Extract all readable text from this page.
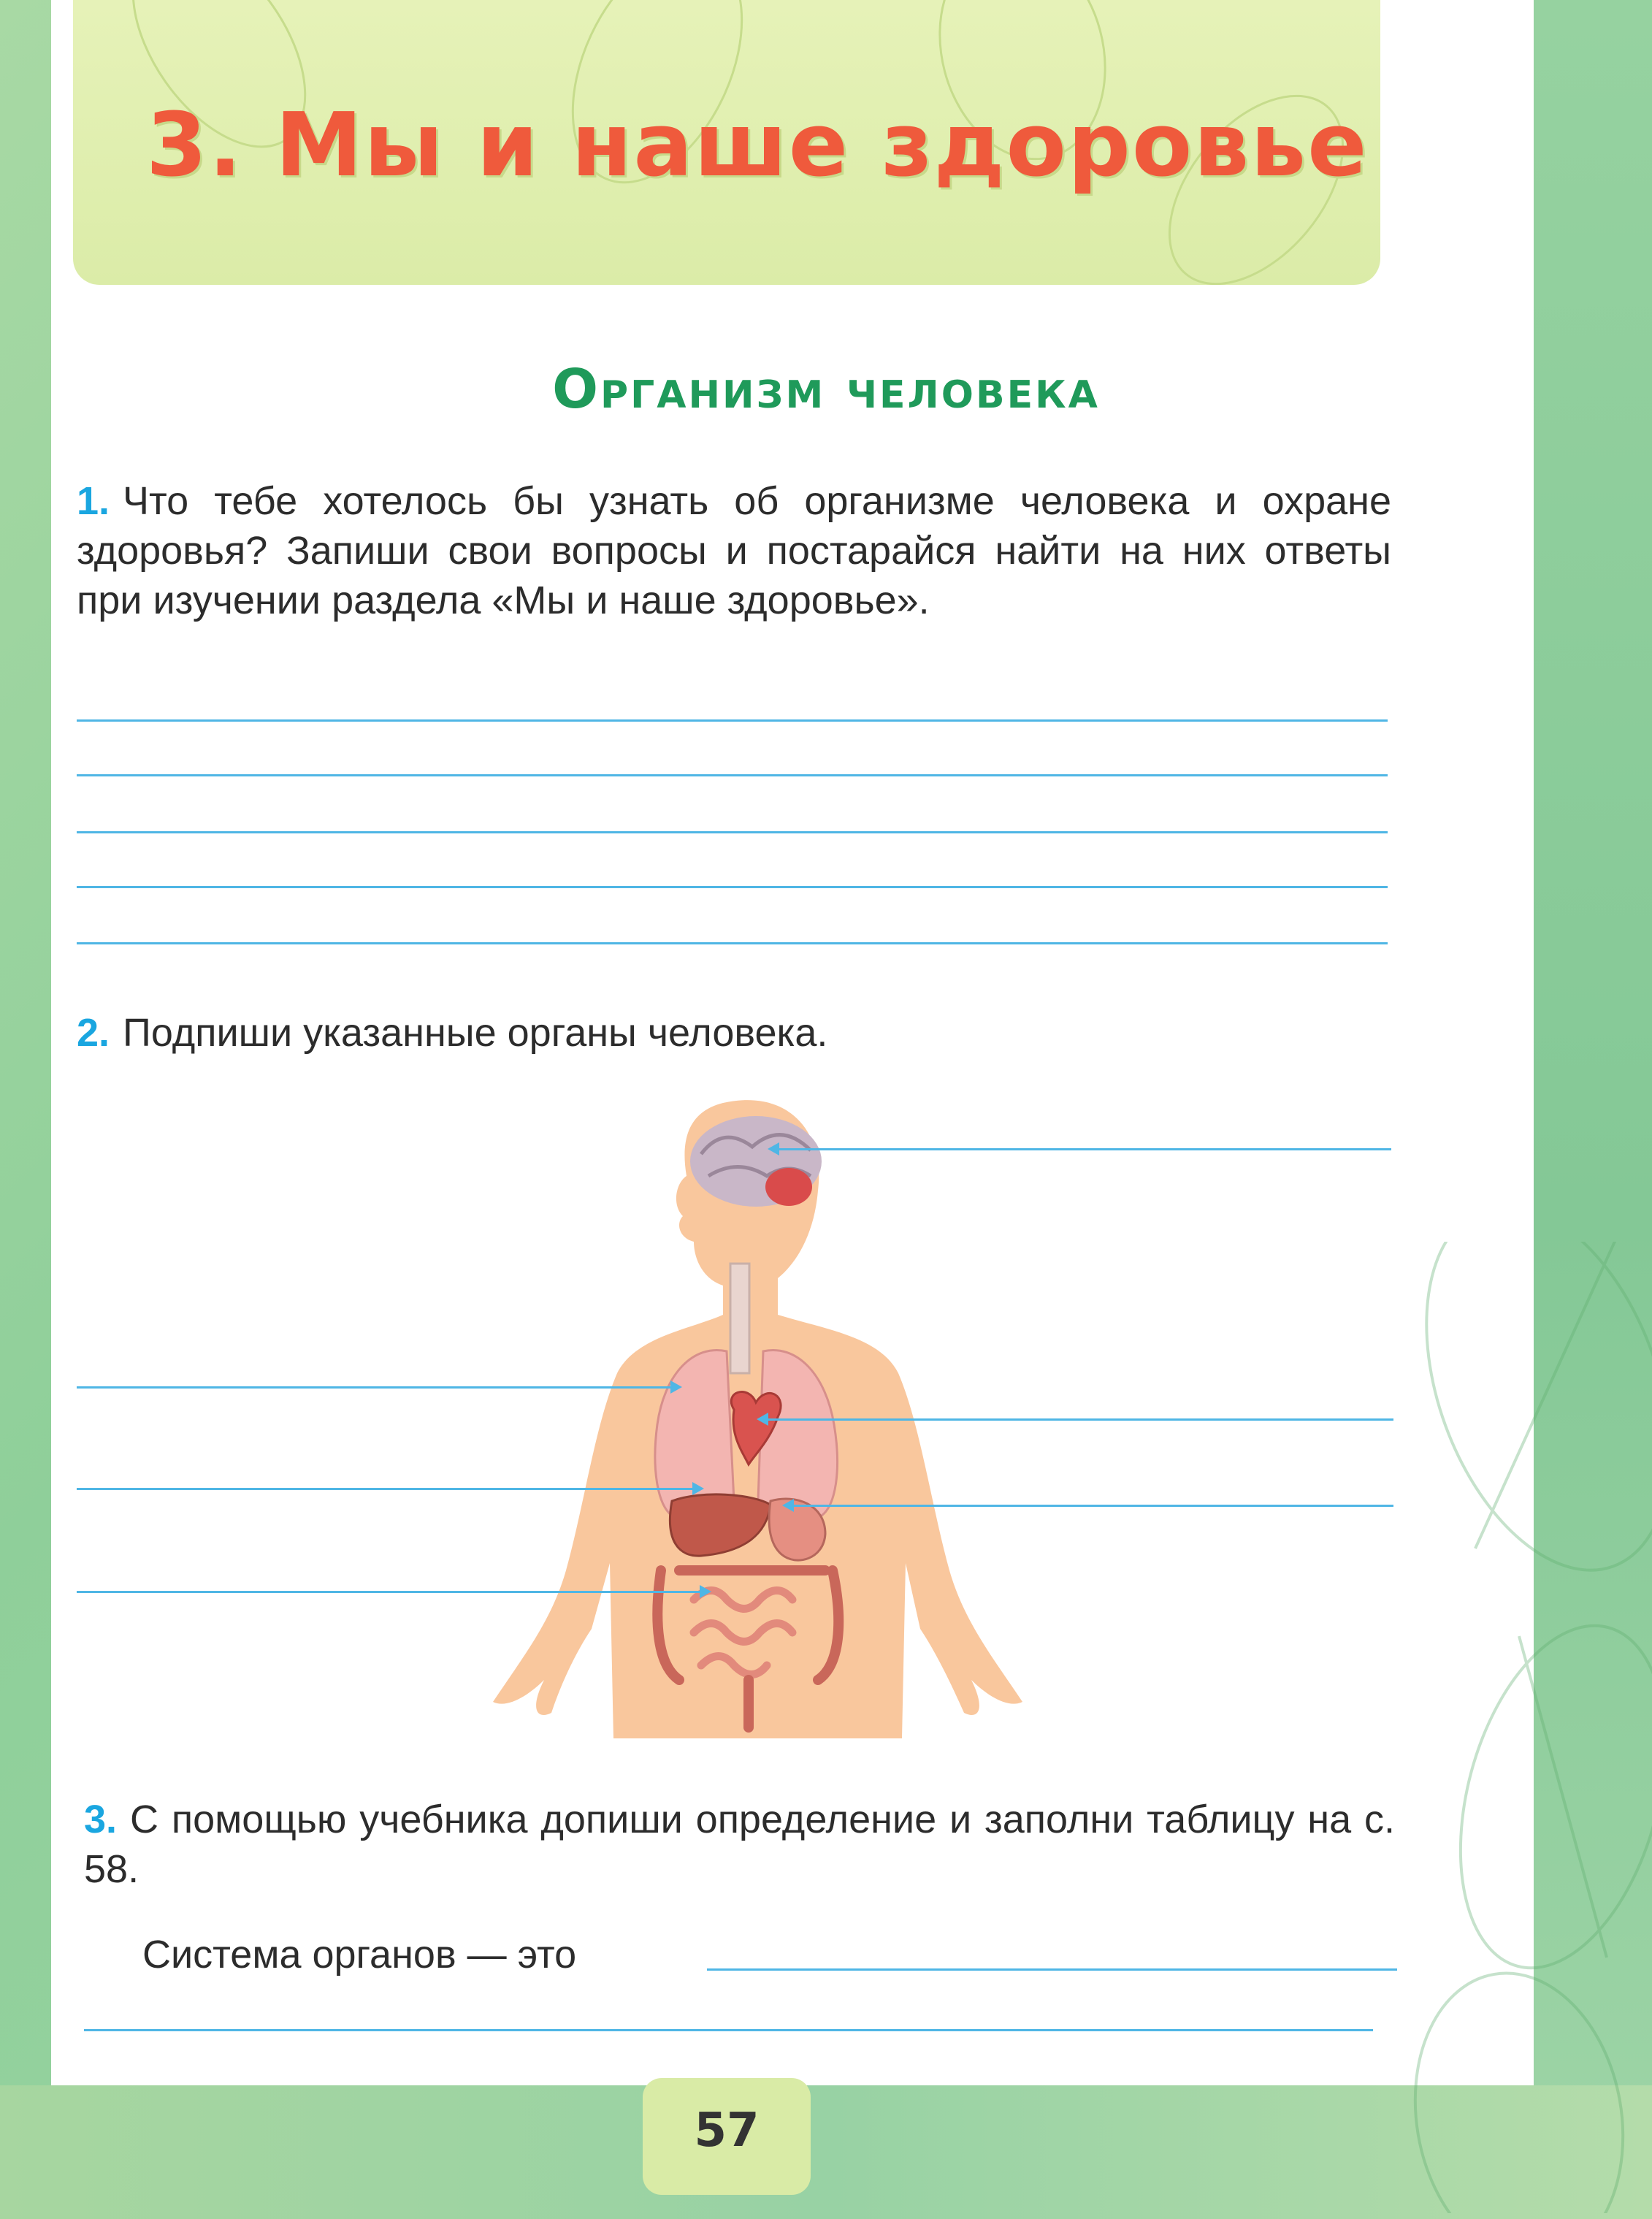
3. Мы и наше здоровье
Организм человека

1. Что тебе хотелось бы узнать об организме человека и охране здоровья? Запиши свои вопросы и постарайся найти на них ответы при изучении раздела «Мы и наше здоровье».

2. Подпиши указанные органы человека.

3. С помощью учебника допиши определение и заполни таблицу на с. 58.

Система органов — это
57
